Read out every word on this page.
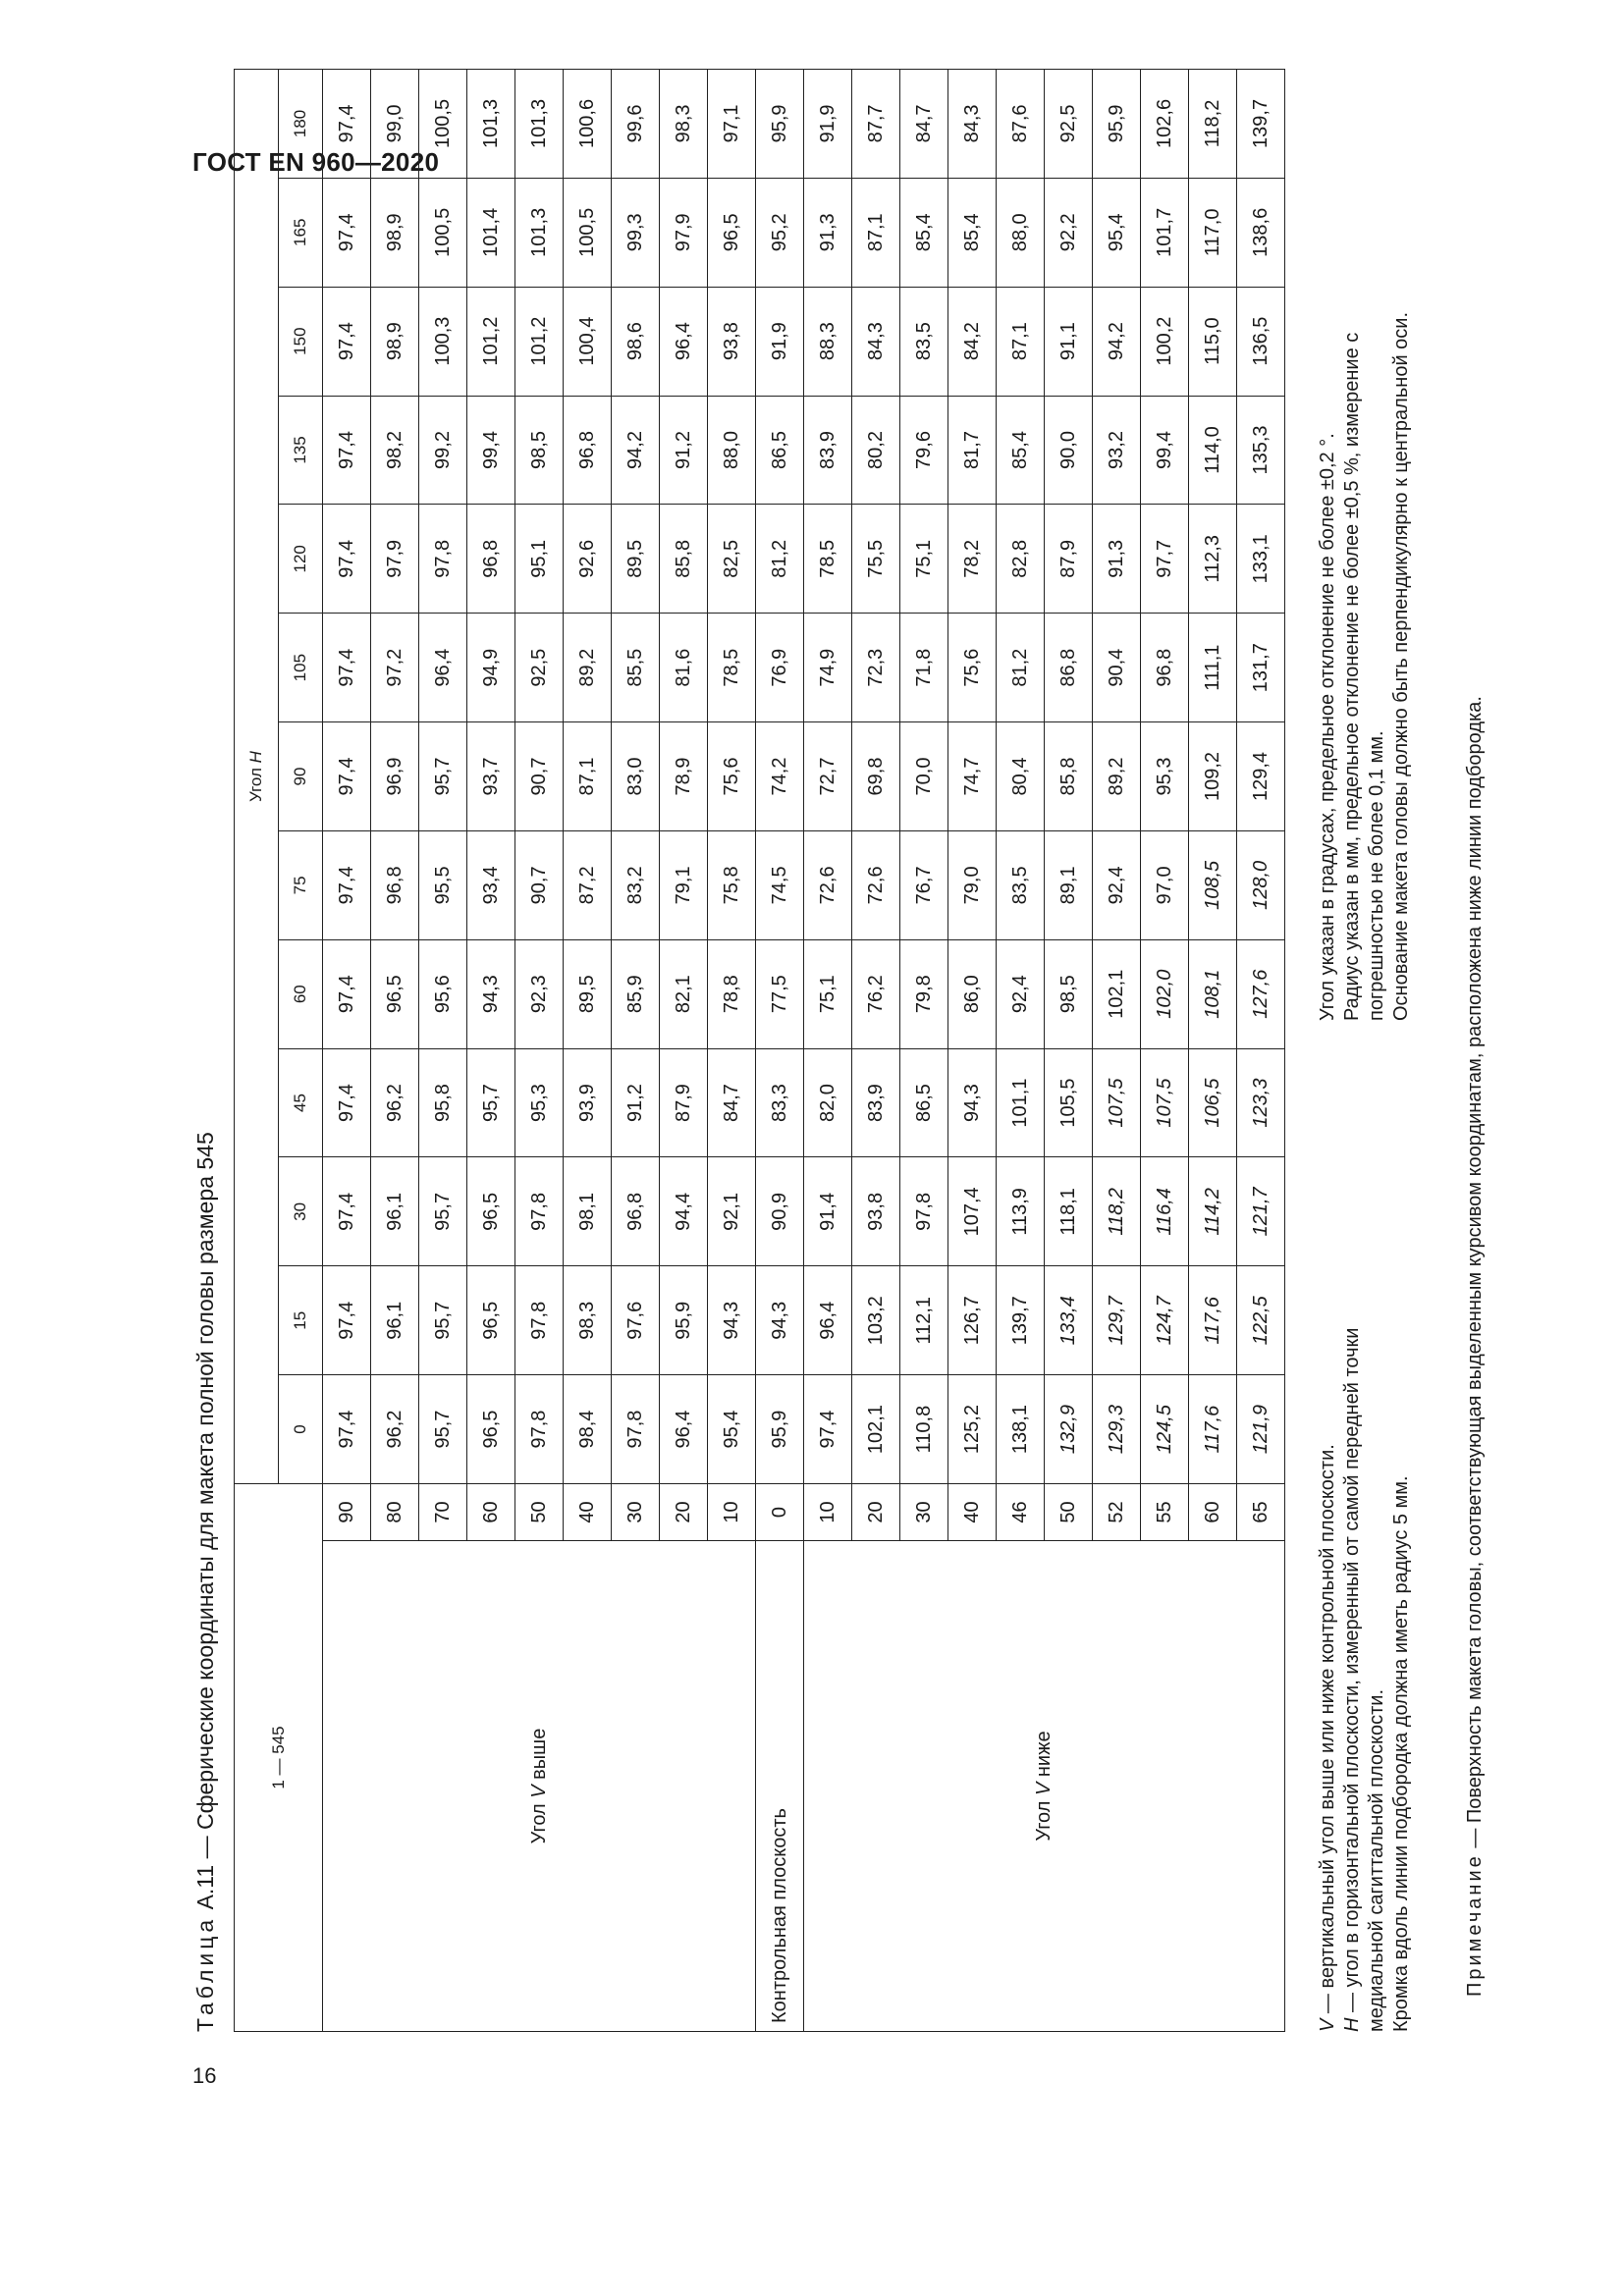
ГОСТ EN 960—2020
16
Таблица А.11 — Сферические координаты для макета полной головы размера 545	1 — 545		Угол H												
		0	15	30	45	60	75	90	105	120	135	150	165	180
Угол V выше	90	97,4	97,4	97,4	97,4	97,4	97,4	97,4	97,4	97,4	97,4	97,4	97,4	97,4
	80	96,2	96,1	96,1	96,2	96,5	96,8	96,9	97,2	97,9	98,2	98,9	98,9	99,0
	70	95,7	95,7	95,7	95,8	95,6	95,5	95,7	96,4	97,8	99,2	100,3	100,5	100,5
	60	96,5	96,5	96,5	95,7	94,3	93,4	93,7	94,9	96,8	99,4	101,2	101,4	101,3
	50	97,8	97,8	97,8	95,3	92,3	90,7	90,7	92,5	95,1	98,5	101,2	101,3	101,3
	40	98,4	98,3	98,1	93,9	89,5	87,2	87,1	89,2	92,6	96,8	100,4	100,5	100,6
	30	97,8	97,6	96,8	91,2	85,9	83,2	83,0	85,5	89,5	94,2	98,6	99,3	99,6
	20	96,4	95,9	94,4	87,9	82,1	79,1	78,9	81,6	85,8	91,2	96,4	97,9	98,3
	10	95,4	94,3	92,1	84,7	78,8	75,8	75,6	78,5	82,5	88,0	93,8	96,5	97,1
Контрольная плоскость	0	95,9	94,3	90,9	83,3	77,5	74,5	74,2	76,9	81,2	86,5	91,9	95,2	95,9
Угол V ниже	10	97,4	96,4	91,4	82,0	75,1	72,6	72,7	74,9	78,5	83,9	88,3	91,3	91,9
	20	102,1	103,2	93,8	83,9	76,2	72,6	69,8	72,3	75,5	80,2	84,3	87,1	87,7
	30	110,8	112,1	97,8	86,5	79,8	76,7	70,0	71,8	75,1	79,6	83,5	85,4	84,7
	40	125,2	126,7	107,4	94,3	86,0	79,0	74,7	75,6	78,2	81,7	84,2	85,4	84,3
	46	138,1	139,7	113,9	101,1	92,4	83,5	80,4	81,2	82,8	85,4	87,1	88,0	87,6
	50	132,9	133,4	118,1	105,5	98,5	89,1	85,8	86,8	87,9	90,0	91,1	92,2	92,5
	52	129,3	129,7	118,2	107,5	102,1	92,4	89,2	90,4	91,3	93,2	94,2	95,4	95,9
	55	124,5	124,7	116,4	107,5	102,0	97,0	95,3	96,8	97,7	99,4	100,2	101,7	102,6
	60	117,6	117,6	114,2	106,5	108,1	108,5	109,2	111,1	112,3	114,0	115,0	117,0	118,2
	65	121,9	122,5	121,7	123,3	127,6	128,0	129,4	131,7	133,1	135,3	136,5	138,6	139,7
V — вертикальный угол выше или ниже контрольной плоскости.
H — угол в горизонтальной плоскости, измеренный от самой передней точки медиальной сагиттальной плоскости. Кромка вдоль линии подбородка должна иметь радиус 5 мм.
Угол указан в градусах, предельное отклонение не более ±0,2 °. Радиус указан в мм, предельное отклонение не более ±0,5 %, измерение с погрешностью не более 0,1 мм. Основание макета головы должно быть перпендикулярно к центральной оси.
Примечание — Поверхность макета головы, соответствующая выделенным курсивом координатам, расположена ниже линии подбородка.
